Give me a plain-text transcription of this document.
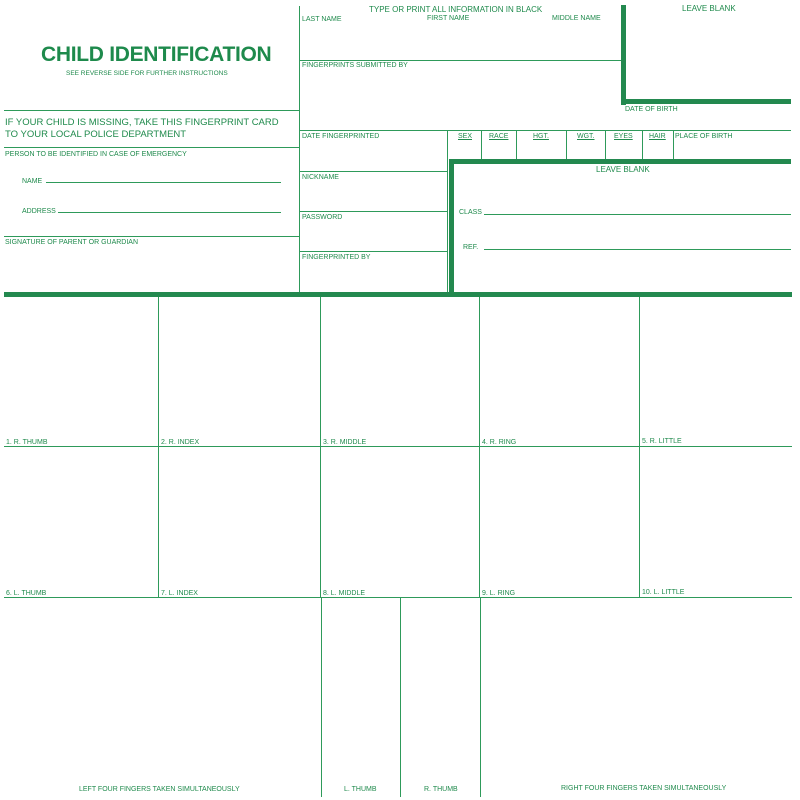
CHILD IDENTIFICATION
SEE REVERSE SIDE FOR FURTHER INSTRUCTIONS
TYPE OR PRINT ALL INFORMATION IN BLACK	LEAVE BLANK
LAST NAME	FIRST NAME	MIDDLE NAME
FINGERPRINTS SUBMITTED BY
DATE OF BIRTH
IF YOUR CHILD IS MISSING, TAKE THIS FINGERPRINT CARD
TO YOUR LOCAL POLICE DEPARTMENT
PERSON TO BE IDENTIFIED IN CASE OF EMERGENCY
NAME
ADDRESS
SIGNATURE OF PARENT OR GUARDIAN
DATE FINGERPRINTED	SEX RACE	HGT.	WGT.	EYES HAIR PLACE OF BIRTH
NICKNAME
PASSWORD
FINGERPRINTED BY
LEAVE BLANK
CLASS
REF.
1. R. THUMB	2. R. INDEX	3. R. MIDDLE	4. R. RING	5. R. LITTLE
6. L. THUMB	7. L. INDEX	8. L. MIDDLE	9. L. RING	10. L. LITTLE
LEFT FOUR FINGERS TAKEN SIMULTANEOUSLY	L. THUMB	R. THUMB	RIGHT FOUR FINGERS TAKEN SIMULTANEOUSLY
